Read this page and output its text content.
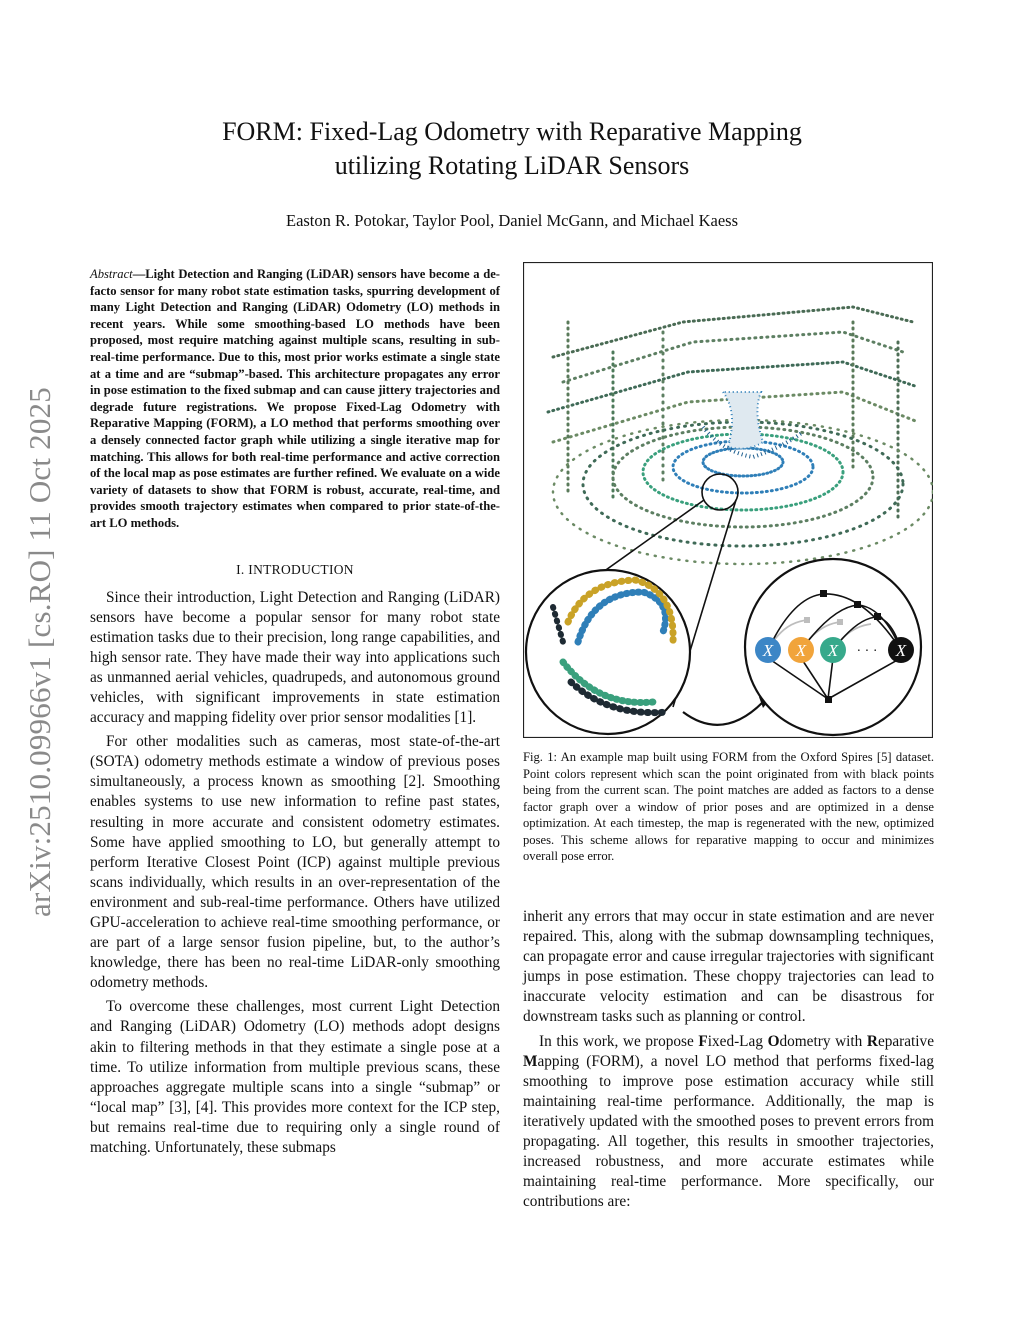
arXiv:2510.09966v1 [cs.RO] 11 Oct 2025
FORM: Fixed-Lag Odometry with Reparative Mapping
utilizing Rotating LiDAR Sensors
Easton R. Potokar, Taylor Pool, Daniel McGann, and Michael Kaess

Abstract—Light Detection and Ranging (LiDAR) sensors have become a de-facto sensor for many robot state estimation tasks, spurring development of many Light Detection and Ranging (LiDAR) Odometry (LO) methods in recent years. While some smoothing-based LO methods have been proposed, most require matching against multiple scans, resulting in sub-real-time performance. Due to this, most prior works estimate a single state at a time and are “submap”-based. This architecture propagates any error in pose estimation to the fixed submap and can cause jittery trajectories and degrade future registrations. We propose Fixed-Lag Odometry with Reparative Mapping (FORM), a LO method that performs smoothing over a densely connected factor graph while utilizing a single iterative map for matching. This allows for both real-time performance and active correction of the local map as pose estimates are further refined. We evaluate on a wide variety of datasets to show that FORM is robust, accurate, real-time, and provides smooth trajectory estimates when compared to prior state-of-the-art LO methods.

I. INTRODUCTION

Since their introduction, Light Detection and Ranging (LiDAR) sensors have become a popular sensor for many robot state estimation tasks due to their precision, long range capabilities, and high sensor rate. They have made their way into applications such as unmanned aerial vehicles, quadrupeds, and autonomous ground vehicles, with significant improvements in state estimation accuracy and mapping fidelity over prior sensor modalities [1].

For other modalities such as cameras, most state-of-the-art (SOTA) odometry methods estimate a window of previous poses simultaneously, a process known as smoothing [2]. Smoothing enables systems to use new information to refine past states, resulting in more accurate and consistent odometry estimates. Some have applied smoothing to LO, but generally attempt to perform Iterative Closest Point (ICP) against multiple previous scans individually, which results in an over-representation of the environment and sub-real-time performance. Others have utilized GPU-acceleration to achieve real-time smoothing performance, or are part of a large sensor fusion pipeline, but, to the author’s knowledge, there has been no real-time LiDAR-only smoothing odometry methods.

To overcome these challenges, most current Light Detection and Ranging (LiDAR) Odometry (LO) methods adopt designs akin to filtering methods in that they estimate a single pose at a time. To utilize information from multiple previous scans, these approaches aggregate multiple scans into a single “submap” or “local map” [3], [4]. This provides more context for the ICP step, but remains real-time due to requiring only a single round of matching. Unfortunately, these submaps

X X X · · · X

Fig. 1: An example map built using FORM from the Oxford Spires [5] dataset. Point colors represent which scan the point originated from with black points being from the current scan. The point matches are added as factors to a dense factor graph over a window of prior poses and are optimized in a dense optimization. At each timestep, the map is regenerated with the new, optimized poses. This scheme allows for reparative mapping to occur and minimizes overall pose error.

inherit any errors that may occur in state estimation and are never repaired. This, along with the submap downsampling techniques, can propagate error and cause irregular trajectories with significant jumps in pose estimation. These choppy trajectories can lead to inaccurate velocity estimation and can be disastrous for downstream tasks such as planning or control.

In this work, we propose Fixed-Lag Odometry with Reparative Mapping (FORM), a novel LO method that performs fixed-lag smoothing to improve pose estimation accuracy while still maintaining real-time performance. Additionally, the map is iteratively updated with the smoothed poses to prevent errors from propagating. All together, this results in smoother trajectories, increased robustness, and more accurate estimates while maintaining real-time performance. More specifically, our contributions are:
